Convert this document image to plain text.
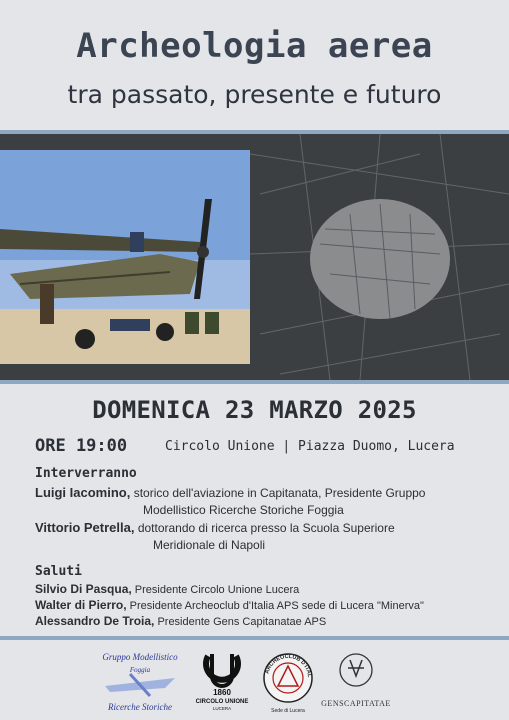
Archeologia aerea
tra passato, presente e futuro
DOMENICA 23 MARZO 2025
ORE 19:00	Circolo Unione | Piazza Duomo, Lucera
Interverranno
Luigi Iacomino, storico dell'aviazione in Capitanata, Presidente Gruppo
Modellistico Ricerche Storiche Foggia
Vittorio Petrella, dottorando di ricerca presso la Scuola Superiore
Meridionale di Napoli
Saluti
Silvio Di Pasqua, Presidente Circolo Unione Lucera
Walter di Pierro, Presidente Archeoclub d'Italia APS sede di Lucera "Minerva"
Alessandro De Troia, Presidente Gens Capitanatae APS
Gruppo Modellistico
Foggia
Ricerche Storiche
1860
CIRCOLO UNIONE
LUCERA
ARCHEOCLUB D'ITAL
Sede di Lucera
GENSCAPITATAE
